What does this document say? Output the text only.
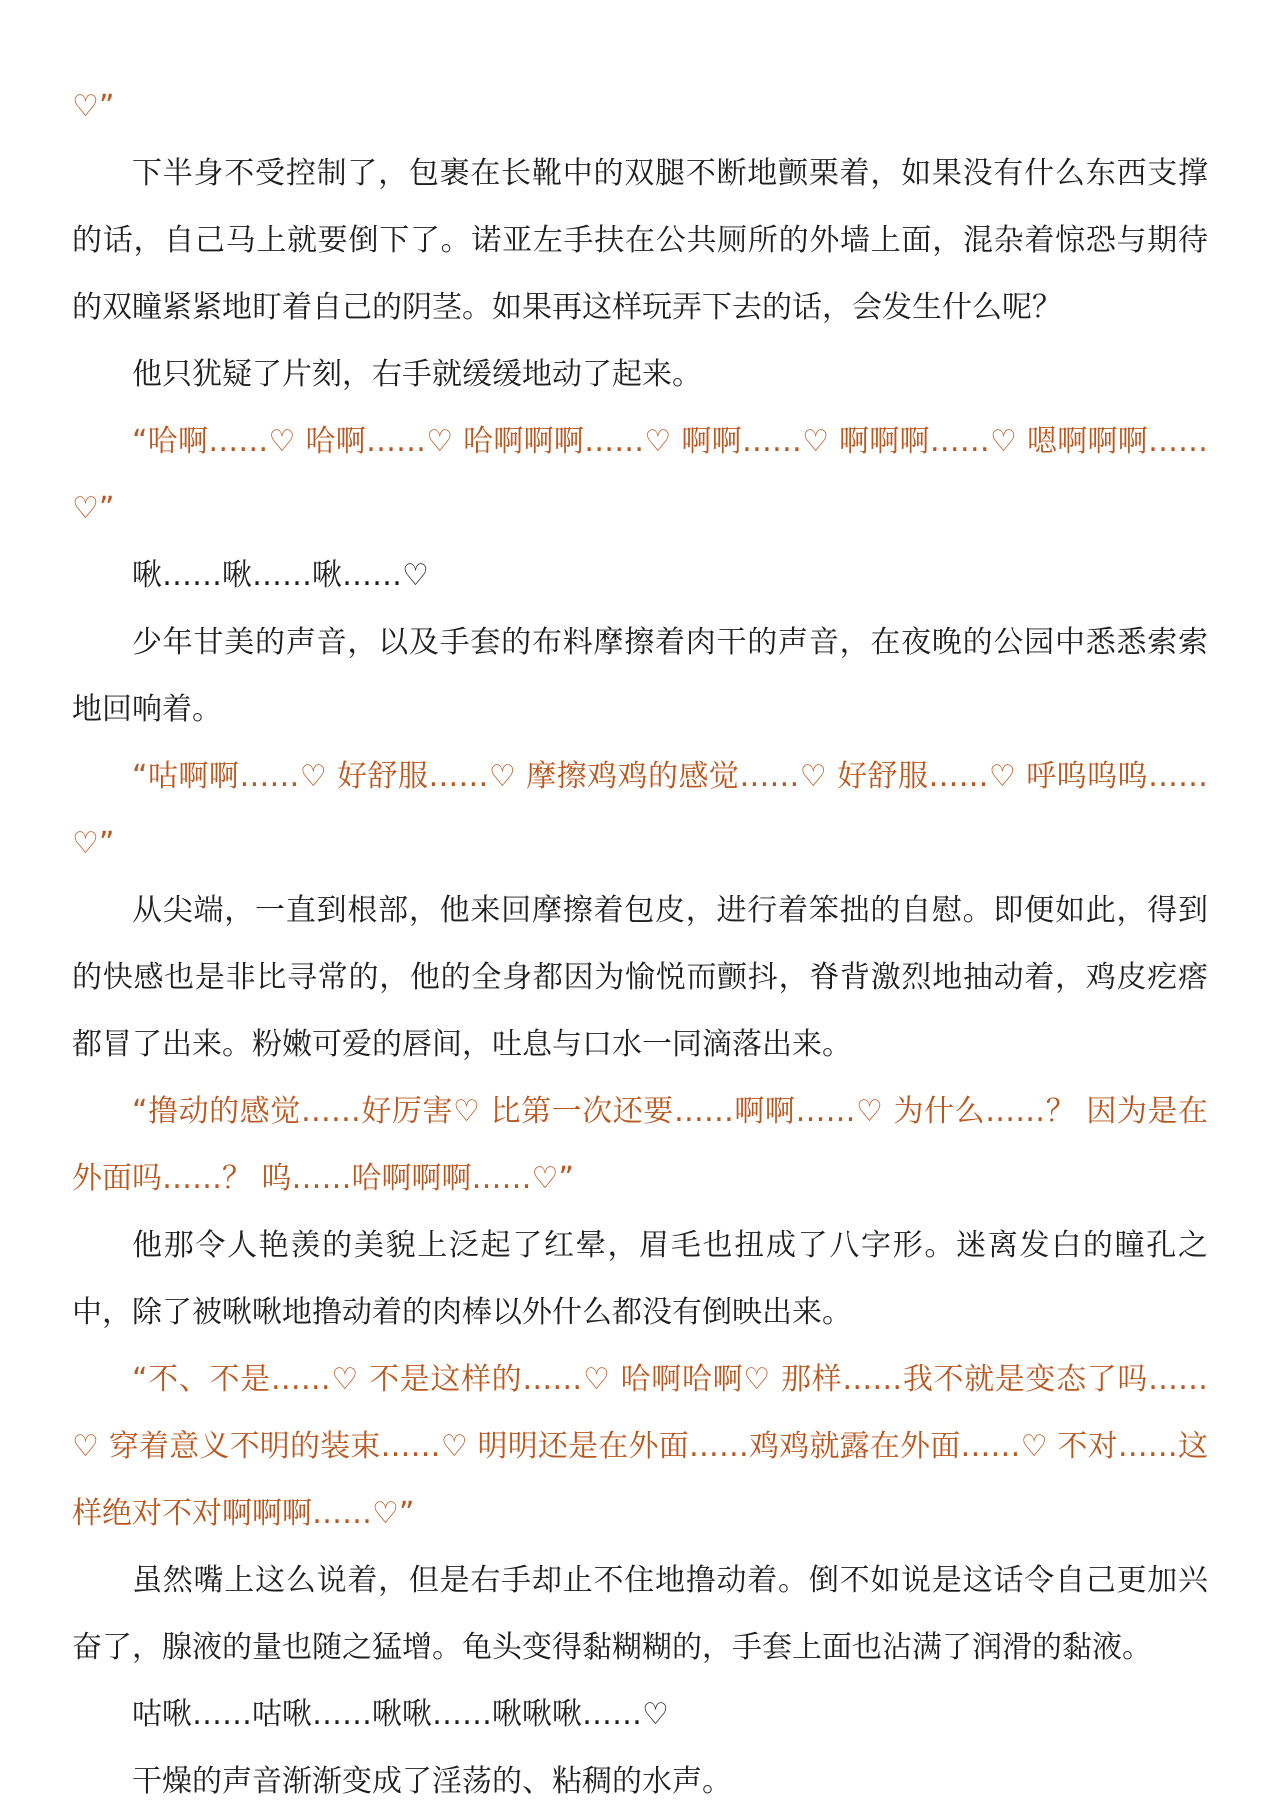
♡”

下半身不受控制了，包裹在长靴中的双腿不断地颤栗着，如果没有什么东西支撑的话，自己马上就要倒下了。诺亚左手扶在公共厕所的外墙上面，混杂着惊恐与期待的双瞳紧紧地盯着自己的阴茎。如果再这样玩弄下去的话，会发生什么呢？

他只犹疑了片刻，右手就缓缓地动了起来。

“哈啊……♡ 哈啊……♡ 哈啊啊啊……♡ 啊啊……♡ 啊啊啊……♡ 嗯啊啊啊……♡”

啾……啾……啾……♡

少年甘美的声音，以及手套的布料摩擦着肉干的声音，在夜晚的公园中悉悉索索地回响着。

“咕啊啊……♡ 好舒服……♡ 摩擦鸡鸡的感觉……♡ 好舒服……♡ 呼呜呜呜……♡”

从尖端，一直到根部，他来回摩擦着包皮，进行着笨拙的自慰。即便如此，得到的快感也是非比寻常的，他的全身都因为愉悦而颤抖，脊背激烈地抽动着，鸡皮疙瘩都冒了出来。粉嫩可爱的唇间，吐息与口水一同滴落出来。

“撸动的感觉……好厉害♡ 比第一次还要……啊啊……♡ 为什么……？ 因为是在外面吗……？ 呜……哈啊啊啊……♡”

他那令人艳羡的美貌上泛起了红晕，眉毛也扭成了八字形。迷离发白的瞳孔之中，除了被啾啾地撸动着的肉棒以外什么都没有倒映出来。

“不、不是……♡ 不是这样的……♡ 哈啊哈啊♡ 那样……我不就是变态了吗……♡ 穿着意义不明的装束……♡ 明明还是在外面……鸡鸡就露在外面……♡ 不对……这样绝对不对啊啊啊……♡”

虽然嘴上这么说着，但是右手却止不住地撸动着。倒不如说是这话令自己更加兴奋了，腺液的量也随之猛增。龟头变得黏糊糊的，手套上面也沾满了润滑的黏液。

咕啾……咕啾……啾啾……啾啾啾……♡

干燥的声音渐渐变成了淫荡的、粘稠的水声。
